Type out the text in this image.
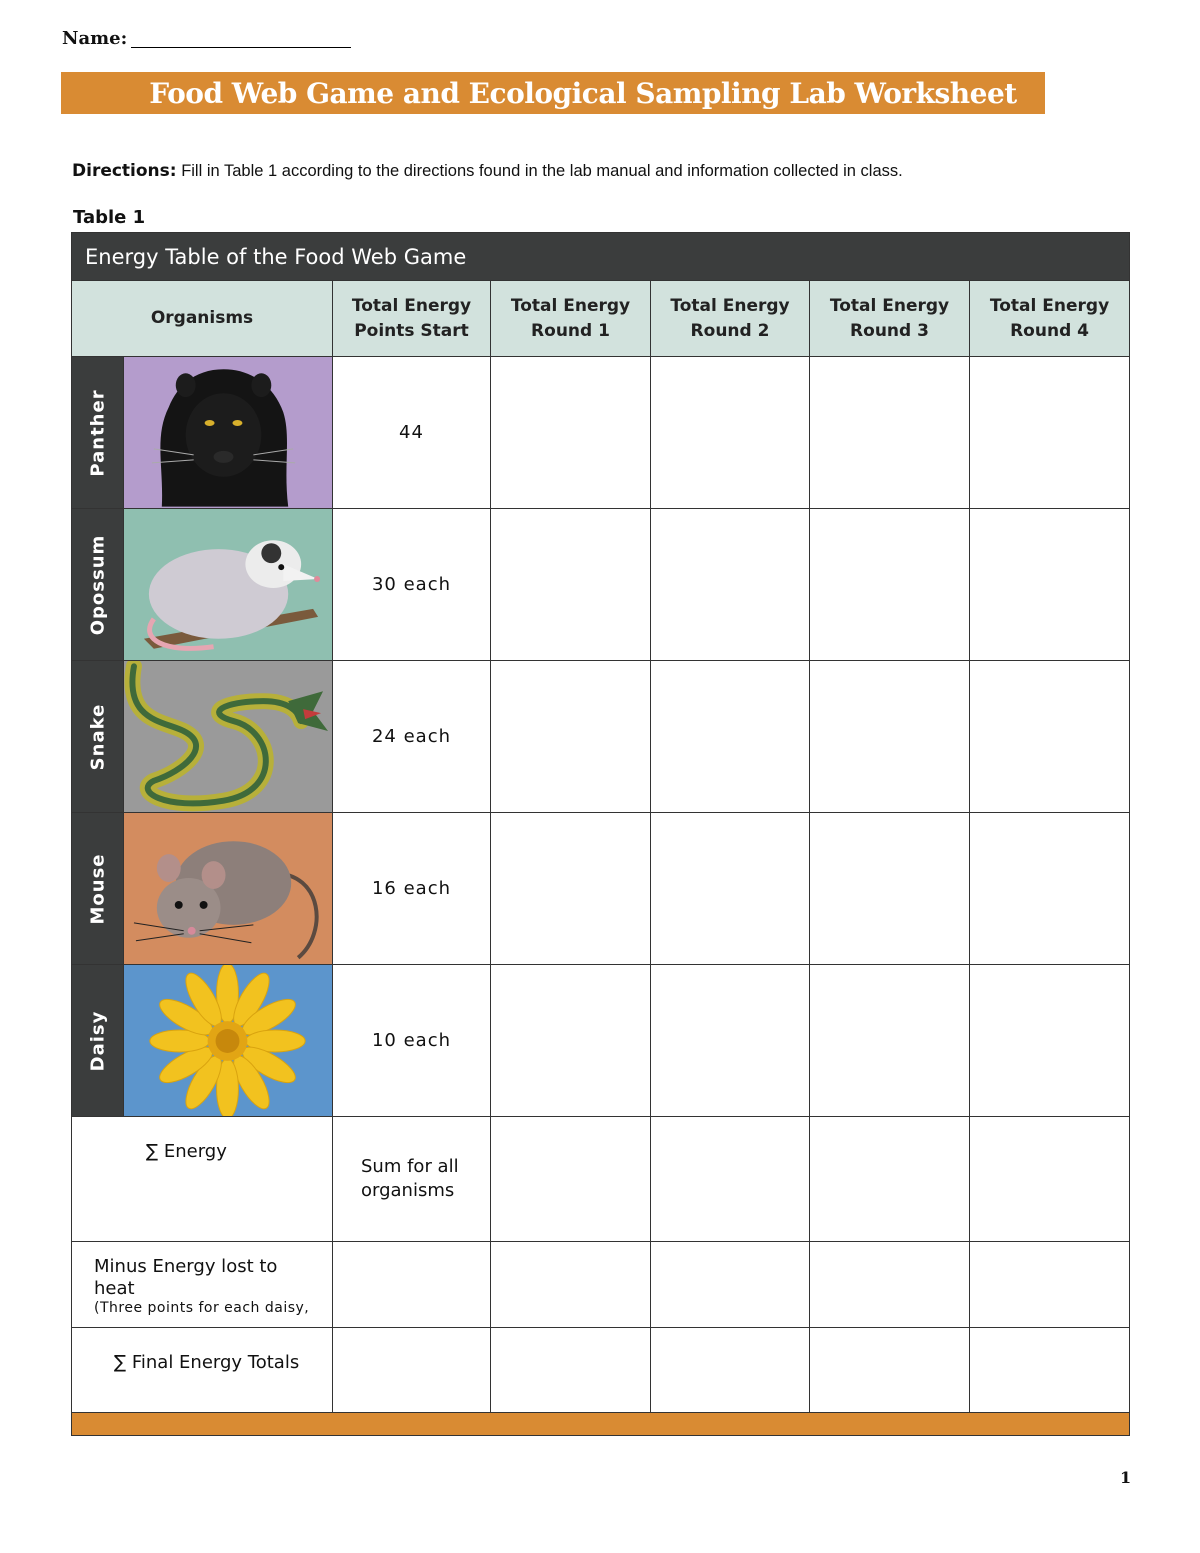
Name:
Food Web Game and Ecological Sampling Lab Worksheet
Directions: Fill in Table 1 according to the directions found in the lab manual and information collected in class.
Table 1
Energy Table of the Food Web Game						
Organisms		Total Energy Points Start	Total Energy Round 1	Total Energy Round 2	Total Energy Round 3	Total Energy Round 4

Panther		44				

Opossum		30 each				

Snake		24 each				

Mouse		16 each				

Daisy		10 each				

∑ Energy		Sum for all organisms				

Minus Energy lost to heat
(Three points for each daisy,						

∑ Final Energy Totals						

1
